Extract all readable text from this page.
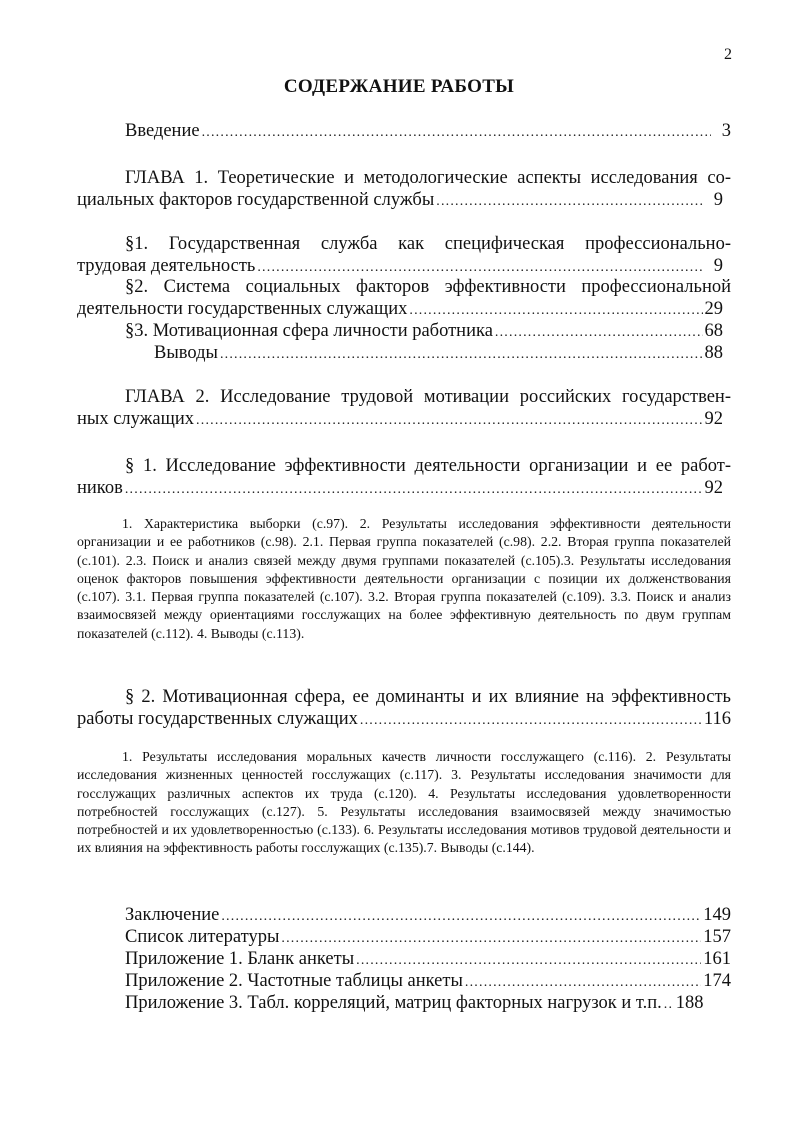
2
СОДЕРЖАНИЕ РАБОТЫ
Введение .....	3
ГЛАВА 1. Теоретические и методологические аспекты исследования со-
циальных факторов государственной службы .....	9
§1. Государственная служба как специфическая профессионально-
трудовая деятельность .....	9
§2. Система социальных факторов эффективности профессиональной
деятельности государственных служащих .....	29
§3. Мотивационная сфера личности работника .....	68
Выводы .....	88
ГЛАВА 2. Исследование трудовой мотивации российских государствен-
ных служащих .....	92
§ 1. Исследование эффективности деятельности организации и ее работ-
ников .....	92
1. Характеристика выборки (с.97). 2. Результаты исследования эффективности деятельности организации и ее работников (с.98). 2.1. Первая группа показателей (с.98). 2.2. Вторая группа показателей (с.101). 2.3. Поиск и анализ связей между двумя группами показателей (с.105).3. Результаты исследования оценок факторов повышения эффективности деятельности организации с позиции их долженствования (с.107). 3.1. Первая группа показателей (с.107). 3.2. Вторая группа показателей (с.109). 3.3. Поиск и анализ взаимосвязей между ориентациями госслужащих на более эффективную деятельность по двум группам показателей (с.112). 4. Выводы (с.113).
§ 2. Мотивационная сфера, ее доминанты и их влияние на эффективность
работы государственных служащих .....	116
1. Результаты исследования моральных качеств личности госслужащего (с.116). 2. Результаты исследования жизненных ценностей госслужащих (с.117). 3. Результаты исследования значимости для госслужащих различных аспектов их труда (с.120). 4. Результаты исследования удовлетворенности потребностей госслужащих (с.127). 5. Результаты исследования взаимосвязей между значимостью потребностей и их удовлетворенностью (с.133). 6. Результаты исследования мотивов трудовой деятельности и их влияния на эффективность работы госслужащих (с.135).7. Выводы (с.144).
Заключение .....	149
Список литературы .....	157
Приложение 1. Бланк анкеты .....	161
Приложение 2. Частотные таблицы анкеты .....	174
Приложение 3. Табл. корреляций, матриц факторных нагрузок и т.п. ..... 188
